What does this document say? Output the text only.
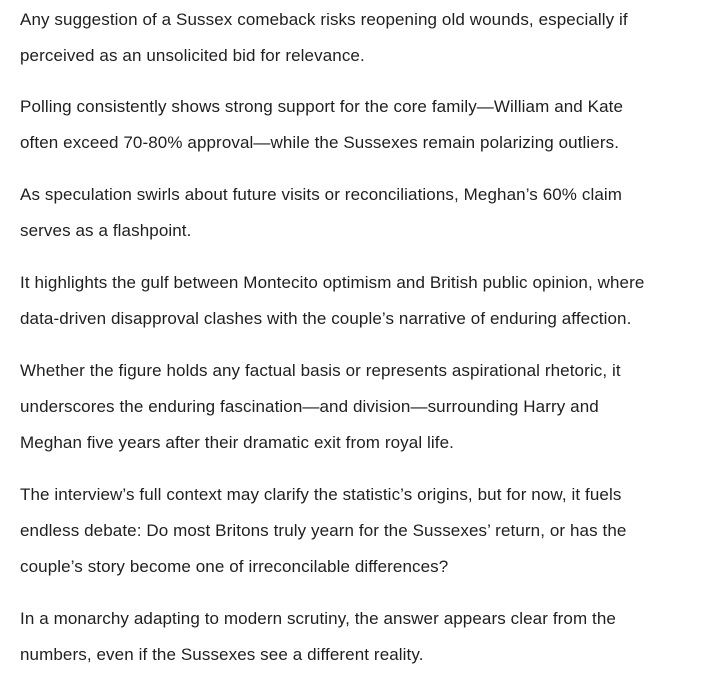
Any suggestion of a Sussex comeback risks reopening old wounds, especially if
perceived as an unsolicited bid for relevance.

Polling consistently shows strong support for the core family—William and Kate
often exceed 70-80% approval—while the Sussexes remain polarizing outliers.

As speculation swirls about future visits or reconciliations, Meghan’s 60% claim
serves as a flashpoint.

It highlights the gulf between Montecito optimism and British public opinion, where
data-driven disapproval clashes with the couple’s narrative of enduring affection.

Whether the figure holds any factual basis or represents aspirational rhetoric, it
underscores the enduring fascination—and division—surrounding Harry and
Meghan five years after their dramatic exit from royal life.

The interview’s full context may clarify the statistic’s origins, but for now, it fuels
endless debate: Do most Britons truly yearn for the Sussexes’ return, or has the
couple’s story become one of irreconcilable differences?

In a monarchy adapting to modern scrutiny, the answer appears clear from the
numbers, even if the Sussexes see a different reality.
